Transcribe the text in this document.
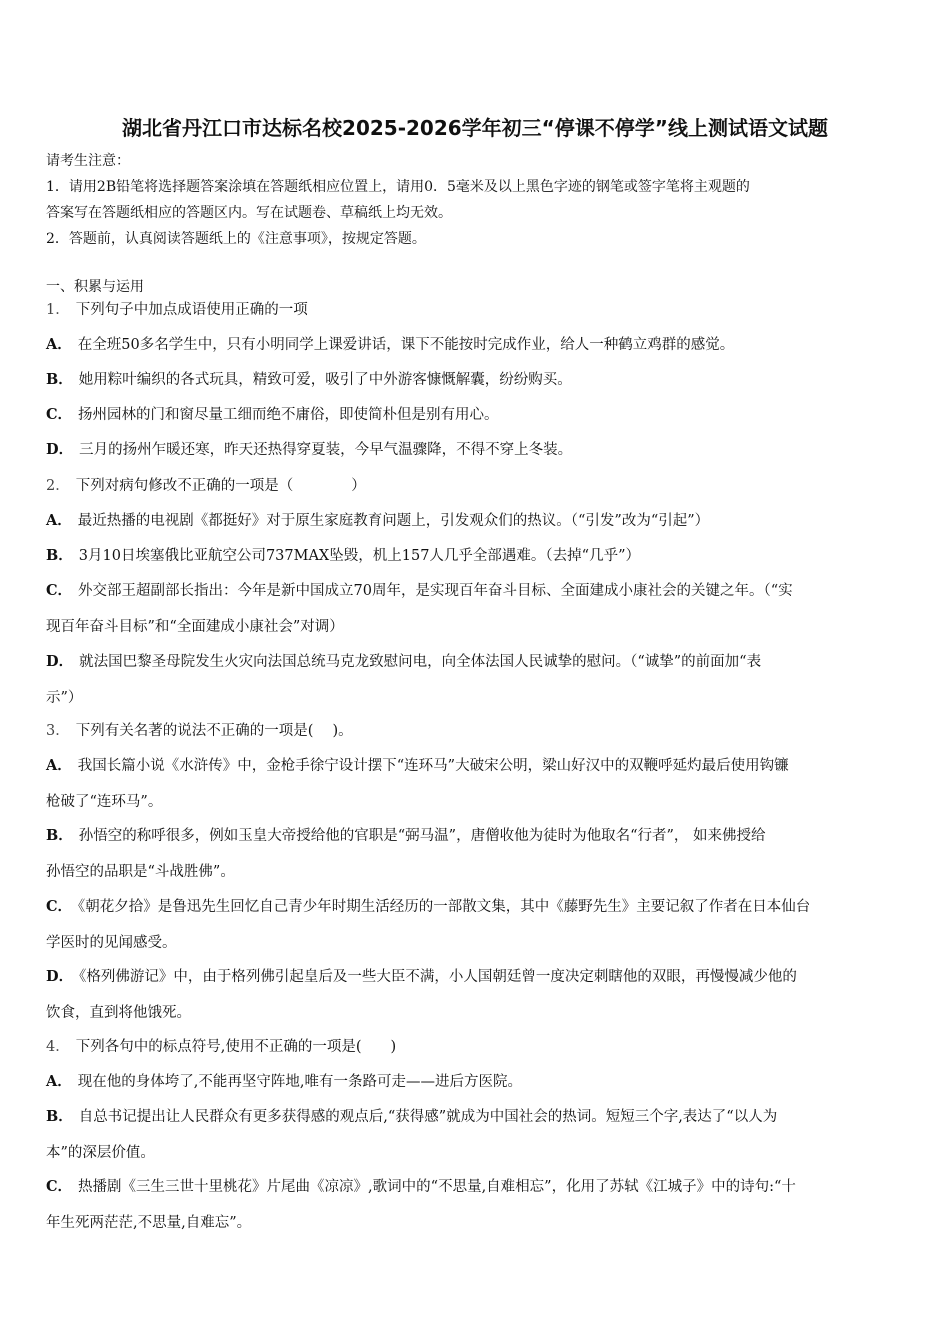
湖北省丹江口市达标名校2025-2026学年初三“停课不停学”线上测试语文试题
请考生注意：
1．请用2B铅笔将选择题答案涂填在答题纸相应位置上，请用0．5毫米及以上黑色字迹的钢笔或签字笔将主观题的
答案写在答题纸相应的答题区内。写在试题卷、草稿纸上均无效。
2．答题前，认真阅读答题纸上的《注意事项》，按规定答题。
一、积累与运用
1． 下列句子中加点成语使用正确的一项
A． 在全班50多名学生中，只有小明同学上课爱讲话，课下不能按时完成作业，给人一种鹤立鸡群的感觉。
B． 她用粽叶编织的各式玩具，精致可爱，吸引了中外游客慷慨解囊，纷纷购买。
C． 扬州园林的门和窗尽量工细而绝不庸俗，即使简朴但是别有用心。
D． 三月的扬州乍暖还寒，昨天还热得穿夏装，今早气温骤降，不得不穿上冬装。
2． 下列对病句修改不正确的一项是（　　　　）
A． 最近热播的电视剧《都挺好》对于原生家庭教育问题上，引发观众们的热议。（“引发”改为“引起”）
B． 3月10日埃塞俄比亚航空公司737MAX坠毁，机上157人几乎全部遇难。（去掉“几乎”）
C． 外交部王超副部长指出：今年是新中国成立70周年，是实现百年奋斗目标、全面建成小康社会的关键之年。（“实
现百年奋斗目标”和“全面建成小康社会”对调）
D． 就法国巴黎圣母院发生火灾向法国总统马克龙致慰问电，向全体法国人民诚挚的慰问。（“诚挚”的前面加“表
示”）
3． 下列有关名著的说法不正确的一项是(　 )。
A． 我国长篇小说《水浒传》中，金枪手徐宁设计摆下“连环马”大破宋公明，梁山好汉中的双鞭呼延灼最后使用钩镰
枪破了“连环马”。
B． 孙悟空的称呼很多，例如玉皇大帝授给他的官职是“弼马温”，唐僧收他为徒时为他取名“行者”， 如来佛授给
孙悟空的品职是“斗战胜佛”。
C． 《朝花夕拾》是鲁迅先生回忆自己青少年时期生活经历的一部散文集，其中《藤野先生》主要记叙了作者在日本仙台
学医时的见闻感受。
D． 《格列佛游记》中，由于格列佛引起皇后及一些大臣不满，小人国朝廷曾一度决定刺瞎他的双眼，再慢慢减少他的
饮食，直到将他饿死。
4． 下列各句中的标点符号,使用不正确的一项是(　　)
A． 现在他的身体垮了,不能再坚守阵地,唯有一条路可走——进后方医院。
B． 自总书记提出让人民群众有更多获得感的观点后,“获得感”就成为中国社会的热词。短短三个字,表达了“以人为
本”的深层价值。
C． 热播剧《三生三世十里桃花》片尾曲《凉凉》,歌词中的“不思量,自难相忘”，化用了苏轼《江城子》中的诗句:“十
年生死两茫茫,不思量,自难忘”。
